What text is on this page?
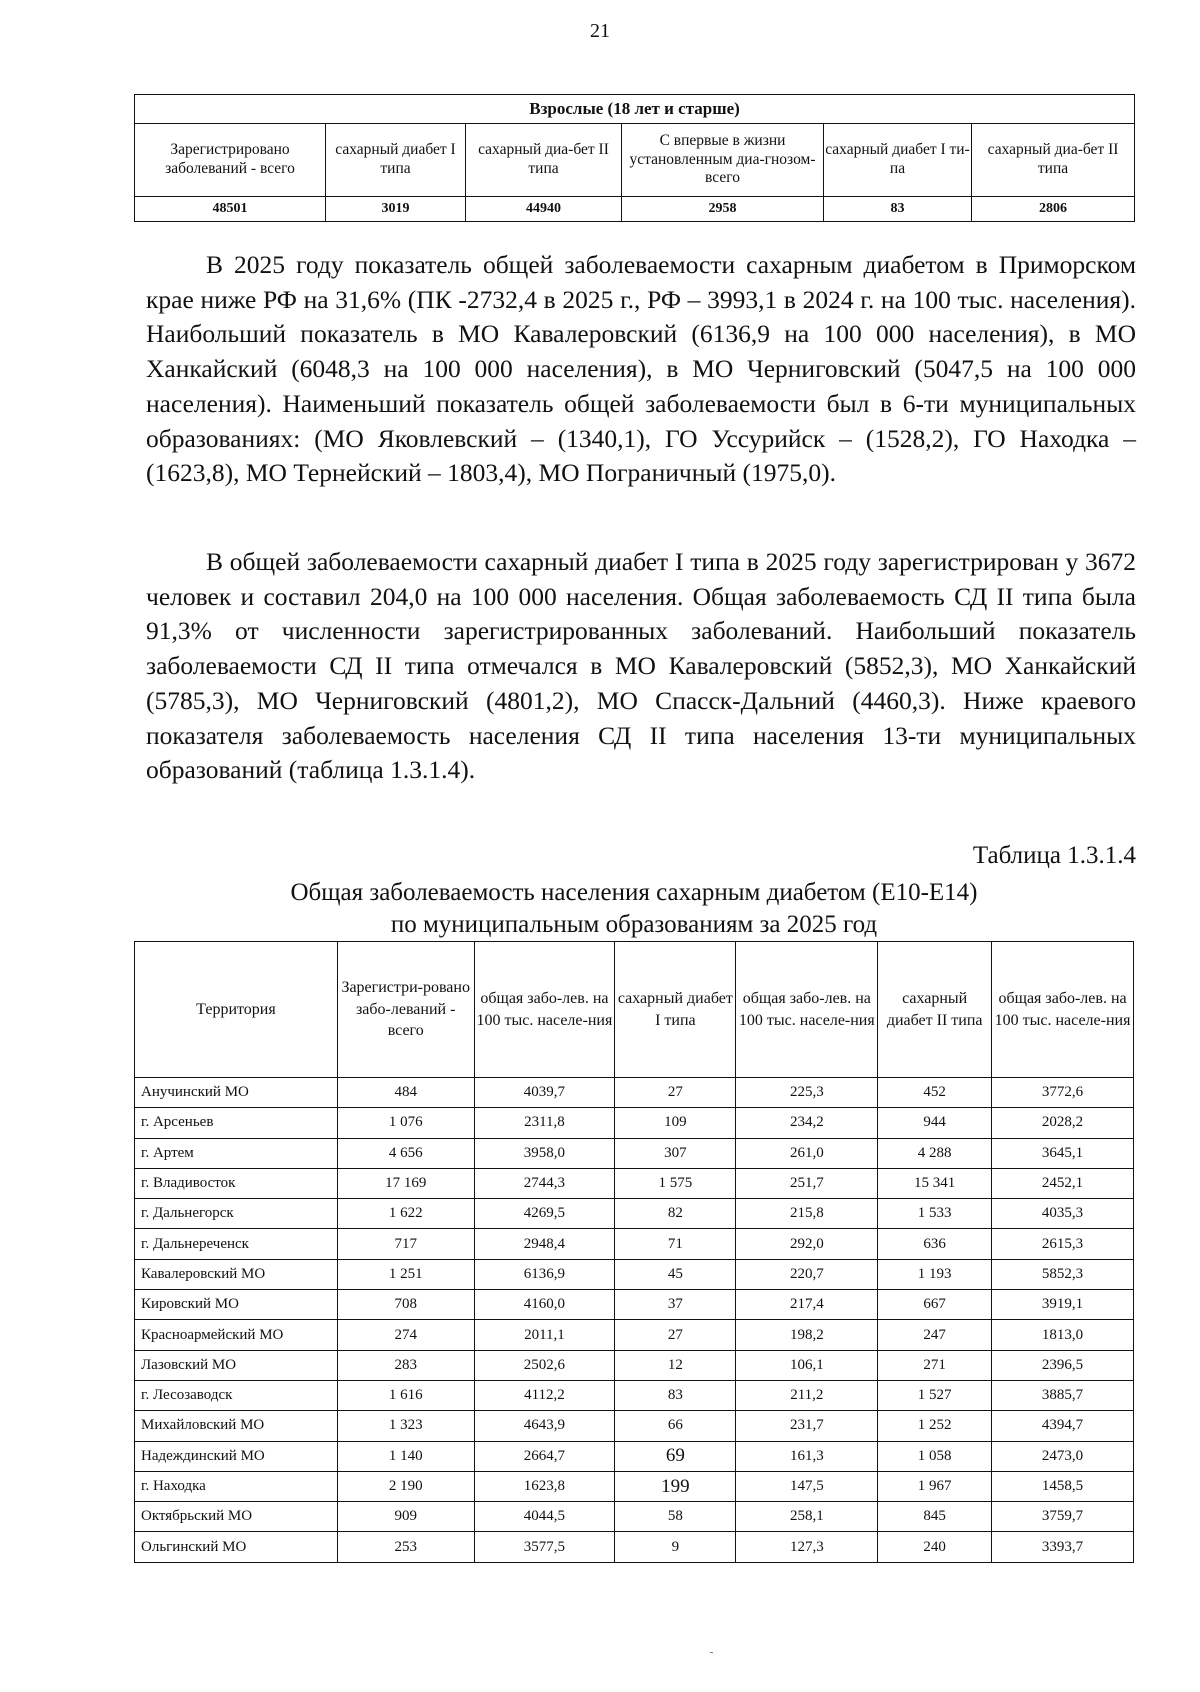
21
Взрослые (18 лет и старше)					
Зарегистрировано заболеваний - всего	сахарный диабет I типа	сахарный диа-бет II типа	С впервые в жизни установленным диа-гнозом- всего	сахарный диабет I ти-па	сахарный диа-бет II типа
48501	3019	44940	2958	83	2806

В 2025 году показатель общей заболеваемости сахарным диабетом в Приморском крае ниже РФ на 31,6% (ПК -2732,4 в 2025 г., РФ – 3993,1 в 2024 г. на 100 тыс. населения). Наибольший показатель в МО Кавалеровский (6136,9 на 100 000 населения), в МО Ханкайский (6048,3 на 100 000 населения), в МО Черниговский (5047,5 на 100 000 населения). Наименьший показатель общей заболеваемости был в 6-ти муниципальных образованиях: (МО Яковлевский – (1340,1), ГО Уссурийск – (1528,2), ГО Находка – (1623,8), МО Тернейский – 1803,4), МО Пограничный (1975,0).

В общей заболеваемости сахарный диабет I типа в 2025 году зарегистрирован у 3672 человек и составил 204,0 на 100 000 населения. Общая заболеваемость СД II типа была 91,3% от численности зарегистрированных заболеваний. Наибольший показатель заболеваемости СД II типа отмечался в МО Кавалеровский (5852,3), МО Ханкайский (5785,3), МО Черниговский (4801,2), МО Спасск-Дальний (4460,3). Ниже краевого показателя заболеваемость населения СД II типа населения 13-ти муниципальных образований (таблица 1.3.1.4).

Таблица 1.3.1.4
Общая заболеваемость населения сахарным диабетом (Е10-Е14)
по муниципальным образованиям за 2025 год
Территория	Зарегистри-ровано забо-леваний - всего	общая забо-лев. на 100 тыс. населе-ния	сахарный диабет I типа	общая забо-лев. на 100 тыс. населе-ния	сахарный диабет II типа	общая забо-лев. на 100 тыс. населе-ния
Анучинский МО	484	4039,7	27	225,3	452	3772,6
г. Арсеньев	1 076	2311,8	109	234,2	944	2028,2
г. Артем	4 656	3958,0	307	261,0	4 288	3645,1
г. Владивосток	17 169	2744,3	1 575	251,7	15 341	2452,1
г. Дальнегорск	1 622	4269,5	82	215,8	1 533	4035,3
г. Дальнереченск	717	2948,4	71	292,0	636	2615,3
Кавалеровский МО	1 251	6136,9	45	220,7	1 193	5852,3
Кировский МО	708	4160,0	37	217,4	667	3919,1
Красноармейский МО	274	2011,1	27	198,2	247	1813,0
Лазовский МО	283	2502,6	12	106,1	271	2396,5
г. Лесозаводск	1 616	4112,2	83	211,2	1 527	3885,7
Михайловский МО	1 323	4643,9	66	231,7	1 252	4394,7
Надеждинский МО	1 140	2664,7	69	161,3	1 058	2473,0
г. Находка	2 190	1623,8	199	147,5	1 967	1458,5
Октябрьский МО	909	4044,5	58	258,1	845	3759,7
Ольгинский МО	253	3577,5	9	127,3	240	3393,7
